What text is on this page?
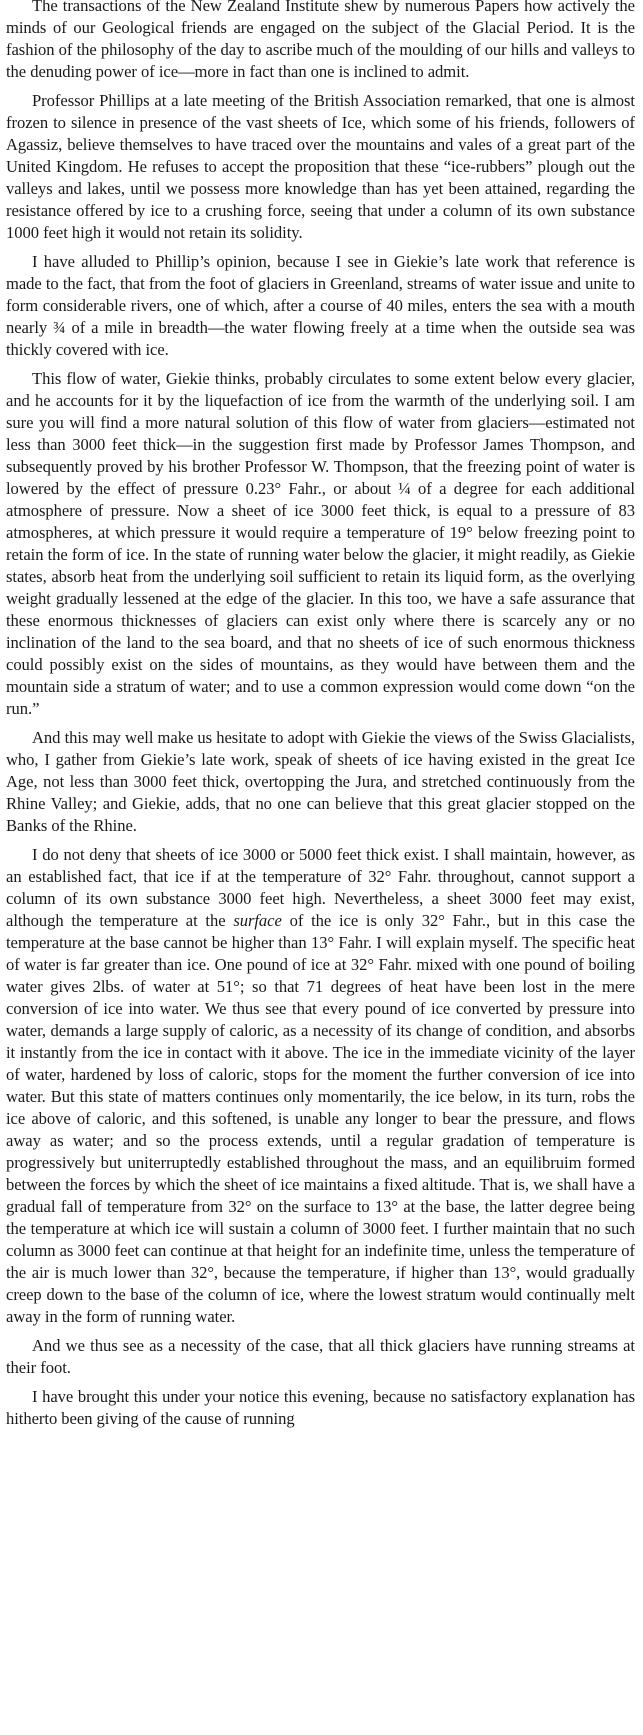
The transactions of the New Zealand Institute shew by numerous Papers how actively the minds of our Geological friends are engaged on the subject of the Glacial Period. It is the fashion of the philosophy of the day to ascribe much of the moulding of our hills and valleys to the denuding power of ice—more in fact than one is inclined to admit.

Professor Phillips at a late meeting of the British Association remarked, that one is almost frozen to silence in presence of the vast sheets of Ice, which some of his friends, followers of Agassiz, believe themselves to have traced over the mountains and vales of a great part of the United Kingdom. He refuses to accept the proposition that these “ice-rubbers” plough out the valleys and lakes, until we possess more knowledge than has yet been attained, regarding the resistance offered by ice to a crushing force, seeing that under a column of its own substance 1000 feet high it would not retain its solidity.

I have alluded to Phillip’s opinion, because I see in Giekie’s late work that reference is made to the fact, that from the foot of glaciers in Greenland, streams of water issue and unite to form considerable rivers, one of which, after a course of 40 miles, enters the sea with a mouth nearly ¾ of a mile in breadth—the water flowing freely at a time when the outside sea was thickly covered with ice.

This flow of water, Giekie thinks, probably circulates to some extent below every glacier, and he accounts for it by the liquefaction of ice from the warmth of the underlying soil. I am sure you will find a more natural solution of this flow of water from glaciers—estimated not less than 3000 feet thick—in the suggestion first made by Professor James Thompson, and subsequently proved by his brother Professor W. Thompson, that the freezing point of water is lowered by the effect of pressure 0.23° Fahr., or about ¼ of a degree for each additional atmosphere of pressure. Now a sheet of ice 3000 feet thick, is equal to a pressure of 83 atmospheres, at which pressure it would require a temperature of 19° below freezing point to retain the form of ice. In the state of running water below the glacier, it might readily, as Giekie states, absorb heat from the underlying soil sufficient to retain its liquid form, as the overlying weight gradually lessened at the edge of the glacier. In this too, we have a safe assurance that these enormous thicknesses of glaciers can exist only where there is scarcely any or no inclination of the land to the sea board, and that no sheets of ice of such enormous thickness could possibly exist on the sides of mountains, as they would have between them and the mountain side a stratum of water; and to use a common expression would come down “on the run.”

And this may well make us hesitate to adopt with Giekie the views of the Swiss Glacialists, who, I gather from Giekie’s late work, speak of sheets of ice having existed in the great Ice Age, not less than 3000 feet thick, overtopping the Jura, and stretched continuously from the Rhine Valley; and Giekie, adds, that no one can believe that this great glacier stopped on the Banks of the Rhine.

I do not deny that sheets of ice 3000 or 5000 feet thick exist. I shall maintain, however, as an established fact, that ice if at the temperature of 32° Fahr. throughout, cannot support a column of its own substance 3000 feet high. Nevertheless, a sheet 3000 feet may exist, although the temperature at the surface of the ice is only 32° Fahr., but in this case the temperature at the base cannot be higher than 13° Fahr. I will explain myself. The specific heat of water is far greater than ice. One pound of ice at 32° Fahr. mixed with one pound of boiling water gives 2lbs. of water at 51°; so that 71 degrees of heat have been lost in the mere conversion of ice into water. We thus see that every pound of ice converted by pressure into water, demands a large supply of caloric, as a necessity of its change of condition, and absorbs it instantly from the ice in contact with it above. The ice in the immediate vicinity of the layer of water, hardened by loss of caloric, stops for the moment the further conversion of ice into water. But this state of matters continues only momentarily, the ice below, in its turn, robs the ice above of caloric, and this softened, is unable any longer to bear the pressure, and flows away as water; and so the process extends, until a regular gradation of temperature is progressively but uniterruptedly established throughout the mass, and an equilibruim formed between the forces by which the sheet of ice maintains a fixed altitude. That is, we shall have a gradual fall of temperature from 32° on the surface to 13° at the base, the latter degree being the temperature at which ice will sustain a column of 3000 feet. I further maintain that no such column as 3000 feet can continue at that height for an indefinite time, unless the temperature of the air is much lower than 32°, because the temperature, if higher than 13°, would gradually creep down to the base of the column of ice, where the lowest stratum would continually melt away in the form of running water.

And we thus see as a necessity of the case, that all thick glaciers have running streams at their foot.

I have brought this under your notice this evening, because no satisfactory explanation has hitherto been giving of the cause of running
